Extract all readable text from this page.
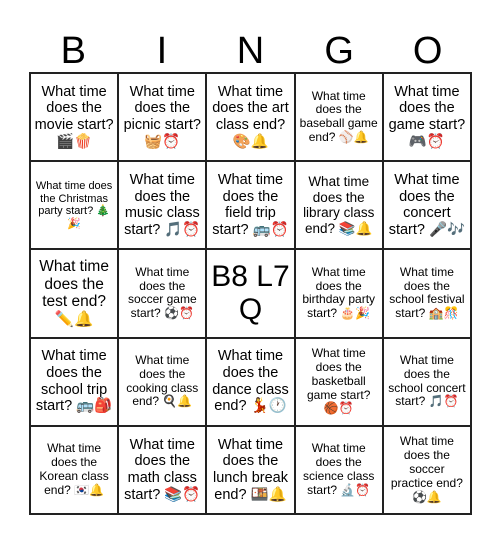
B	I	N	G	O
What time does the movie start? 🎬🍿
What time does the picnic start? 🧺⏰
What time does the art class end? 🎨🔔
What time does the baseball game end? ⚾🔔
What time does the game start? 🎮⏰
What time does the Christmas party start? 🎄🎉
What time does the music class start? 🎵⏰
What time does the field trip start? 🚌⏰
What time does the library class end? 📚🔔
What time does the concert start? 🎤🎶
What time does the test end? ✏️🔔
What time does the soccer game start? ⚽⏰
B8 L7 Q
What time does the birthday party start? 🎂🎉
What time does the school festival start? 🏫🎊
What time does the school trip start? 🚌🎒
What time does the cooking class end? 🍳🔔
What time does the dance class end? 💃🕐
What time does the basketball game start? 🏀⏰
What time does the school concert start? 🎵⏰
What time does the Korean class end? 🇰🇷🔔
What time does the math class start? 📚⏰
What time does the lunch break end? 🍱🔔
What time does the science class start? 🔬⏰
What time does the soccer practice end? ⚽🔔
